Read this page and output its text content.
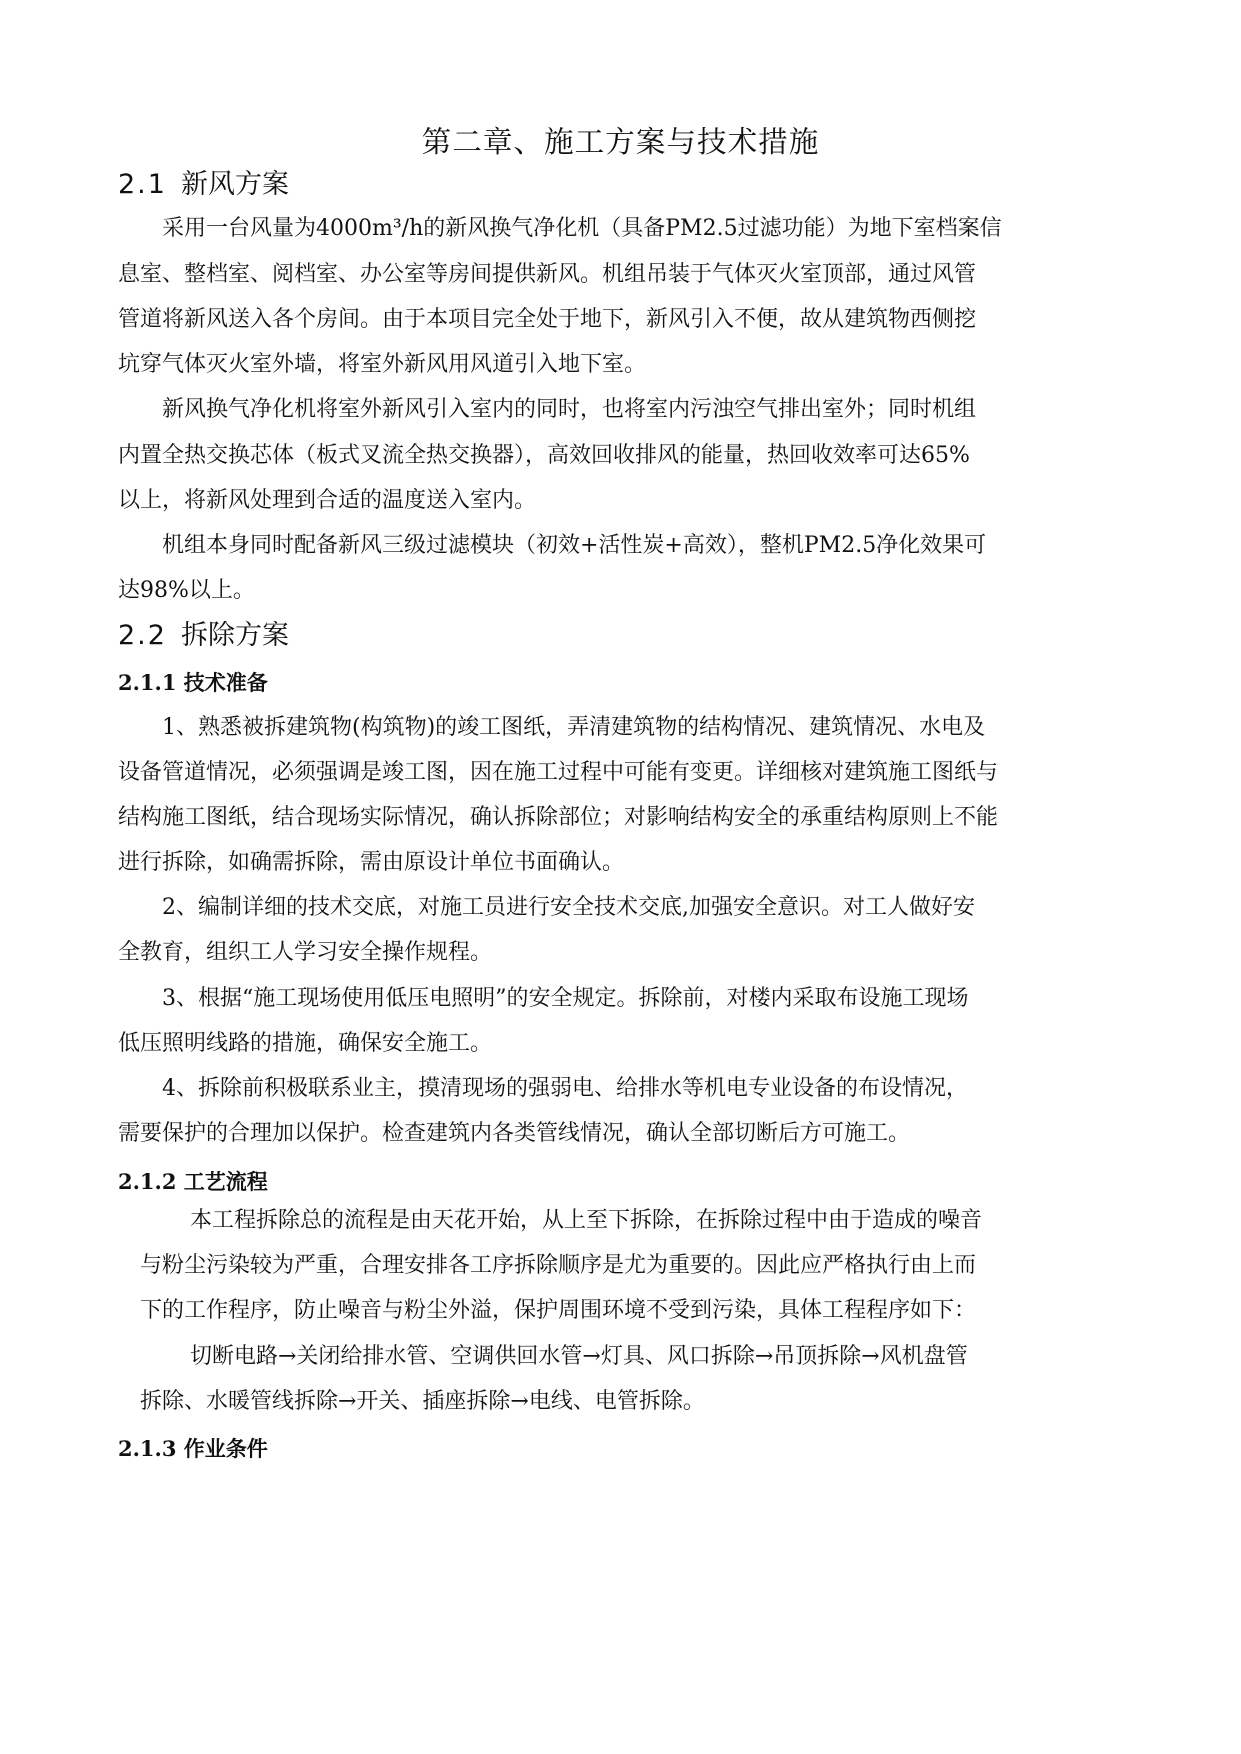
第二章、施工方案与技术措施
2.1 新风方案
采用一台风量为4000m³/h的新风换气净化机（具备PM2.5过滤功能）为地下室档案信
息室、整档室、阅档室、办公室等房间提供新风。机组吊装于气体灭火室顶部，通过风管
管道将新风送入各个房间。由于本项目完全处于地下，新风引入不便，故从建筑物西侧挖
坑穿气体灭火室外墙，将室外新风用风道引入地下室。
新风换气净化机将室外新风引入室内的同时，也将室内污浊空气排出室外；同时机组
内置全热交换芯体（板式叉流全热交换器），高效回收排风的能量，热回收效率可达65%
以上，将新风处理到合适的温度送入室内。
机组本身同时配备新风三级过滤模块（初效+活性炭+高效），整机PM2.5净化效果可
达98%以上。
2.2 拆除方案
2.1.1 技术准备
1、熟悉被拆建筑物(构筑物)的竣工图纸，弄清建筑物的结构情况、建筑情况、水电及
设备管道情况，必须强调是竣工图，因在施工过程中可能有变更。详细核对建筑施工图纸与
结构施工图纸，结合现场实际情况，确认拆除部位；对影响结构安全的承重结构原则上不能
进行拆除，如确需拆除，需由原设计单位书面确认。
2、编制详细的技术交底，对施工员进行安全技术交底,加强安全意识。对工人做好安
全教育，组织工人学习安全操作规程。
3、根据“施工现场使用低压电照明”的安全规定。拆除前，对楼内采取布设施工现场
低压照明线路的措施，确保安全施工。
4、拆除前积极联系业主，摸清现场的强弱电、给排水等机电专业设备的布设情况，
需要保护的合理加以保护。检查建筑内各类管线情况，确认全部切断后方可施工。
2.1.2 工艺流程
本工程拆除总的流程是由天花开始，从上至下拆除，在拆除过程中由于造成的噪音
与粉尘污染较为严重，合理安排各工序拆除顺序是尤为重要的。因此应严格执行由上而
下的工作程序，防止噪音与粉尘外溢，保护周围环境不受到污染，具体工程程序如下：
切断电路→关闭给排水管、空调供回水管→灯具、风口拆除→吊顶拆除→风机盘管
拆除、水暖管线拆除→开关、插座拆除→电线、电管拆除。
2.1.3 作业条件
